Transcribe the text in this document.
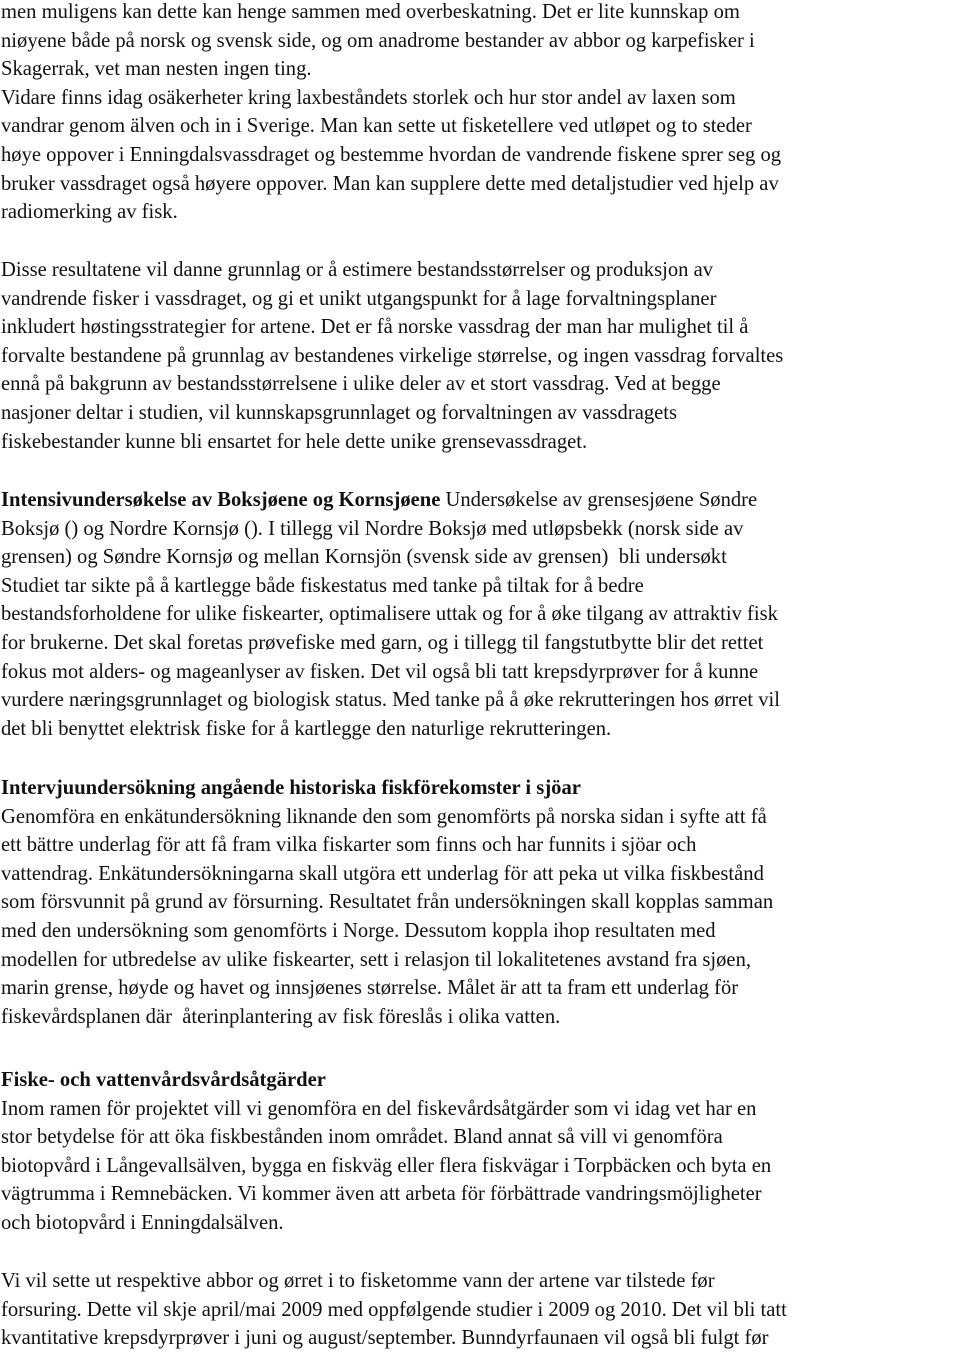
men muligens kan dette kan henge sammen med overbeskatning. Det er lite kunnskap om
niøyene både på norsk og svensk side, og om anadrome bestander av abbor og karpefisker i
Skagerrak, vet man nesten ingen ting.
Vidare finns idag osäkerheter kring laxbeståndets storlek och hur stor andel av laxen som
vandrar genom älven och in i Sverige. Man kan sette ut fisketellere ved utløpet og to steder
høye oppover i Enningdalsvassdraget og bestemme hvordan de vandrende fiskene sprer seg og
bruker vassdraget også høyere oppover. Man kan supplere dette med detaljstudier ved hjelp av
radiomerking av fisk.
Disse resultatene vil danne grunnlag or å estimere bestandsstørrelser og produksjon av
vandrende fisker i vassdraget, og gi et unikt utgangspunkt for å lage forvaltningsplaner
inkludert høstingsstrategier for artene. Det er få norske vassdrag der man har mulighet til å
forvalte bestandene på grunnlag av bestandenes virkelige størrelse, og ingen vassdrag forvaltes
ennå på bakgrunn av bestandsstørrelsene i ulike deler av et stort vassdrag. Ved at begge
nasjoner deltar i studien, vil kunnskapsgrunnlaget og forvaltningen av vassdragets
fiskebestander kunne bli ensartet for hele dette unike grensevassdraget.
Intensivundersøkelse av Boksjøene og Kornsjøene Undersøkelse av grensesjøene Søndre
Boksjø () og Nordre Kornsjø (). I tillegg vil Nordre Boksjø med utløpsbekk (norsk side av
grensen) og Søndre Kornsjø og mellan Kornsjön (svensk side av grensen)  bli undersøkt
Studiet tar sikte på å kartlegge både fiskestatus med tanke på tiltak for å bedre
bestandsforholdene for ulike fiskearter, optimalisere uttak og for å øke tilgang av attraktiv fisk
for brukerne. Det skal foretas prøvefiske med garn, og i tillegg til fangstutbytte blir det rettet
fokus mot alders- og mageanlyser av fisken. Det vil også bli tatt krepsdyrprøver for å kunne
vurdere næringsgrunnlaget og biologisk status. Med tanke på å øke rekrutteringen hos ørret vil
det bli benyttet elektrisk fiske for å kartlegge den naturlige rekrutteringen.
Intervjuundersökning angående historiska fiskförekomster i sjöar
Genomföra en enkätundersökning liknande den som genomförts på norska sidan i syfte att få
ett bättre underlag för att få fram vilka fiskarter som finns och har funnits i sjöar och
vattendrag. Enkätundersökningarna skall utgöra ett underlag för att peka ut vilka fiskbestånd
som försvunnit på grund av försurning. Resultatet från undersökningen skall kopplas samman
med den undersökning som genomförts i Norge. Dessutom koppla ihop resultaten med
modellen for utbredelse av ulike fiskearter, sett i relasjon til lokalitetenes avstand fra sjøen,
marin grense, høyde og havet og innsjøenes størrelse. Målet är att ta fram ett underlag för
fiskevårdsplanen där  återinplantering av fisk föreslås i olika vatten.
Fiske- och vattenvårdsvårdsåtgärder
Inom ramen för projektet vill vi genomföra en del fiskevårdsåtgärder som vi idag vet har en
stor betydelse för att öka fiskbestånden inom området. Bland annat så vill vi genomföra
biotopvård i Långevallsälven, bygga en fiskväg eller flera fiskvägar i Torpbäcken och byta en
vägtrumma i Remnebäcken. Vi kommer även att arbeta för förbättrade vandringsmöjligheter
och biotopvård i Enningdalsälven.
Vi vil sette ut respektive abbor og ørret i to fisketomme vann der artene var tilstede før
forsuring. Dette vil skje april/mai 2009 med oppfølgende studier i 2009 og 2010. Det vil bli tatt
kvantitative krepsdyrprøver i juni og august/september. Bunndyrfaunaen vil også bli fulgt før
